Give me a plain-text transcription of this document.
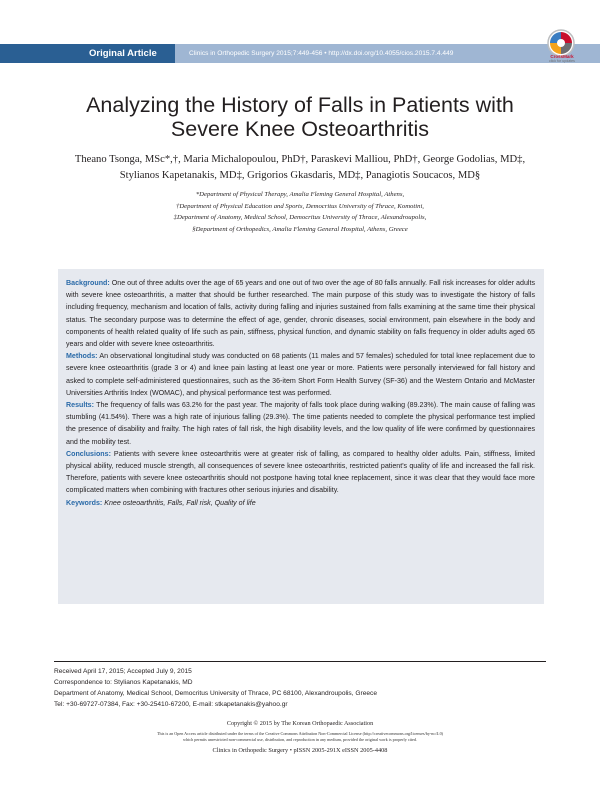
Original Article	Clinics in Orthopedic Surgery 2015;7:449-456 • http://dx.doi.org/10.4055/cios.2015.7.4.449	CrossMark
click for updates
Analyzing the History of Falls in Patients with
Severe Knee Osteoarthritis
Theano Tsonga, MSc*,†, Maria Michalopoulou, PhD†, Paraskevi Malliou, PhD†, George Godolias, MD‡,
Stylianos Kapetanakis, MD‡, Grigorios Gkasdaris, MD‡, Panagiotis Soucacos, MD§
*Department of Physical Therapy, Amalia Fleming General Hospital, Athens,
†Department of Physical Education and Sports, Democritus University of Thrace, Komotini,
‡Department of Anatomy, Medical School, Democritus University of Thrace, Alexandroupolis,
§Department of Orthopedics, Amalia Fleming General Hospital, Athens, Greece

Background: One out of three adults over the age of 65 years and one out of two over the age of 80 falls annually. Fall risk increases for older adults with severe knee osteoarthritis, a matter that should be further researched. The main purpose of this study was to investigate the history of falls including frequency, mechanism and location of falls, activity during falling and injuries sustained from falls examining at the same time their physical status. The secondary purpose was to determine the effect of age, gender, chronic diseases, social environment, pain elsewhere in the body and components of health related quality of life such as pain, stiffness, physical function, and dynamic stability on falls frequency in older adults aged 65 years and older with severe knee osteoarthritis.

Methods: An observational longitudinal study was conducted on 68 patients (11 males and 57 females) scheduled for total knee replacement due to severe knee osteoarthritis (grade 3 or 4) and knee pain lasting at least one year or more. Patients were personally interviewed for fall history and asked to complete self-administered questionnaires, such as the 36-item Short Form Health Survey (SF-36) and the Western Ontario and McMaster Universities Arthritis Index (WOMAC), and physical performance test was performed.

Results: The frequency of falls was 63.2% for the past year. The majority of falls took place during walking (89.23%). The main cause of falling was stumbling (41.54%). There was a high rate of injurious falling (29.3%). The time patients needed to complete the physical performance test implied the presence of disability and frailty. The high rates of fall risk, the high disability levels, and the low quality of life were confirmed by questionnaires and the mobility test.

Conclusions: Patients with severe knee osteoarthritis were at greater risk of falling, as compared to healthy older adults. Pain, stiffness, limited physical ability, reduced muscle strength, all consequences of severe knee osteoarthritis, restricted patient's quality of life and increased the fall risk. Therefore, patients with severe knee osteoarthritis should not postpone having total knee replacement, since it was clear that they would face more complicated matters when combining with fractures other serious injuries and disability.

Keywords: Knee osteoarthritis, Falls, Fall risk, Quality of life

Received April 17, 2015; Accepted July 9, 2015
Correspondence to: Stylianos Kapetanakis, MD
Department of Anatomy, Medical School, Democritus University of Thrace, PC 68100, Alexandroupolis, Greece
Tel: +30-69727-07384, Fax: +30-25410-67200, E-mail: stkapetanakis@yahoo.gr
Copyright © 2015 by The Korean Orthopaedic Association
This is an Open Access article distributed under the terms of the Creative Commons Attribution Non-Commercial License (http://creativecommons.org/licenses/by-nc/4.0)
which permits unrestricted non-commercial use, distribution, and reproduction in any medium, provided the original work is properly cited.
Clinics in Orthopedic Surgery • pISSN 2005-291X eISSN 2005-4408
